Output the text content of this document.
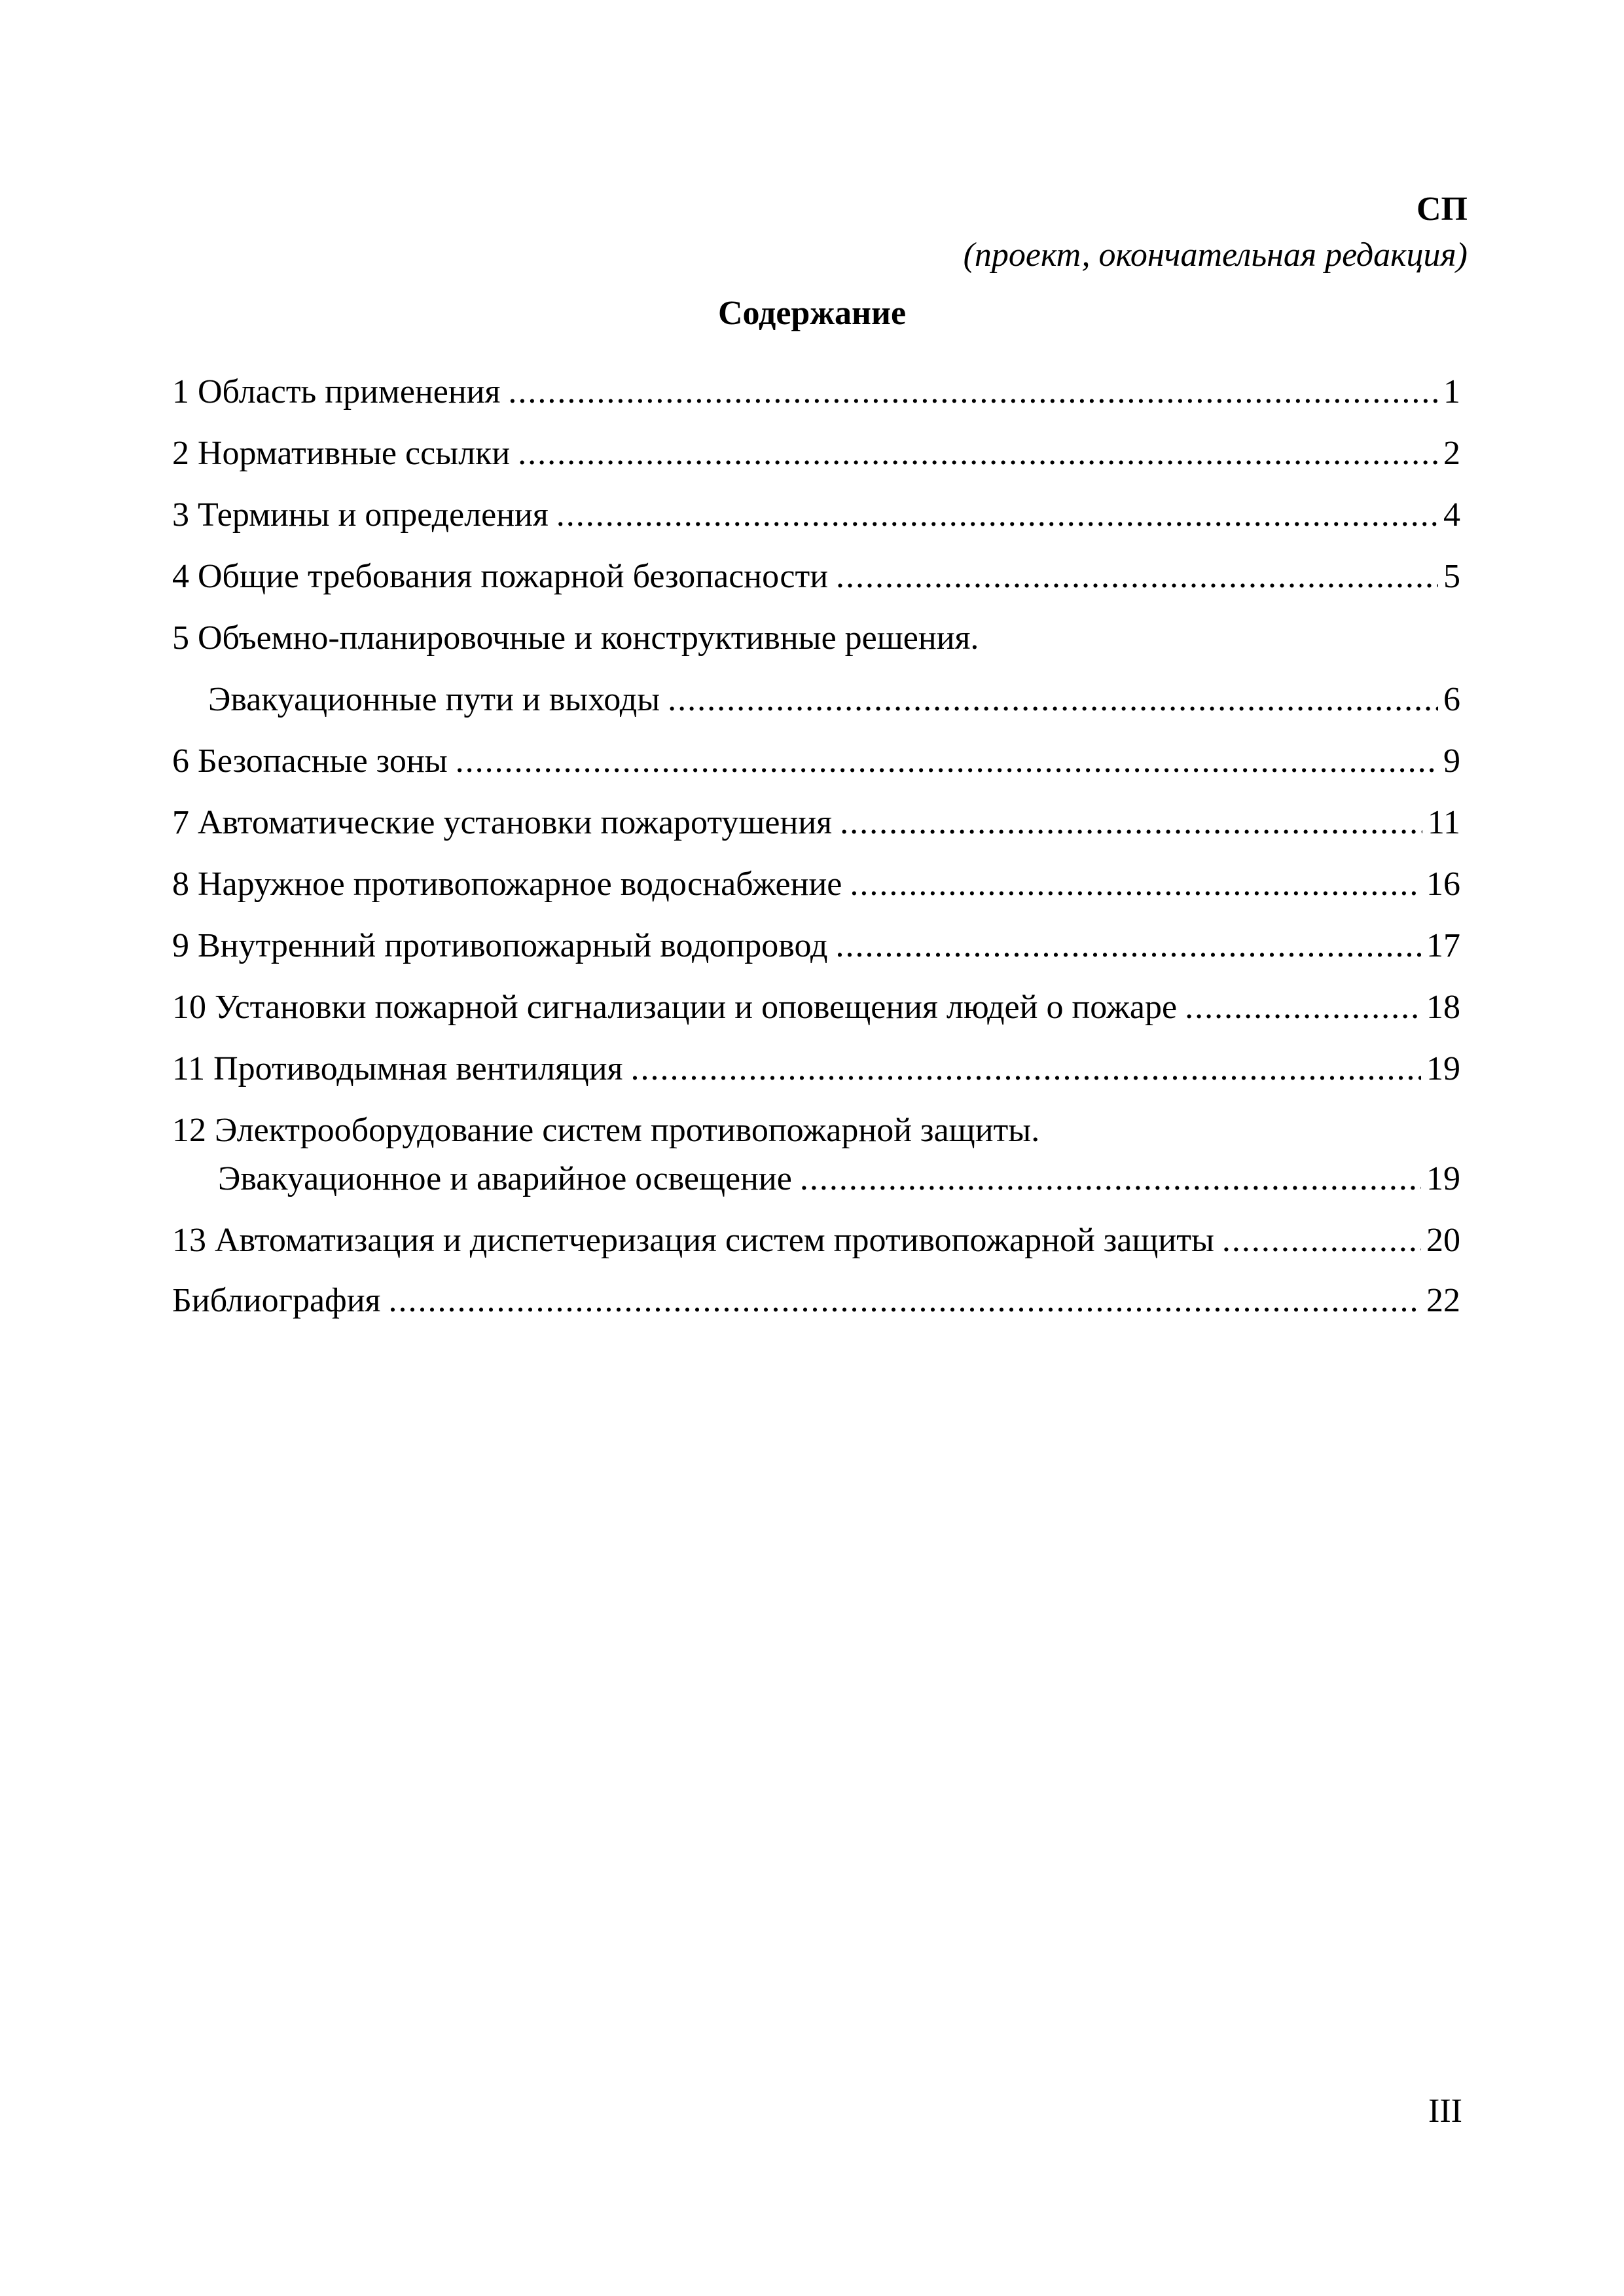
СП
(проект, окончательная редакция)
Содержание
1 Область применения .....	1
2 Нормативные ссылки .....	2
3 Термины и определения .....	4
4 Общие требования пожарной безопасности .....	5
5 Объемно-планировочные и конструктивные решения.
Эвакуационные пути и выходы .....	6
6 Безопасные зоны .....	9
7 Автоматические установки пожаротушения .....	11
8 Наружное противопожарное водоснабжение .....	16
9 Внутренний противопожарный водопровод .....	17
10 Установки пожарной сигнализации и оповещения людей о пожаре .....	18
11 Противодымная вентиляция .....	19
12 Электрооборудование систем противопожарной защиты.
Эвакуационное и аварийное освещение .....	19
13 Автоматизация и диспетчеризация систем противопожарной защиты .....	20
Библиография .....	22
III
